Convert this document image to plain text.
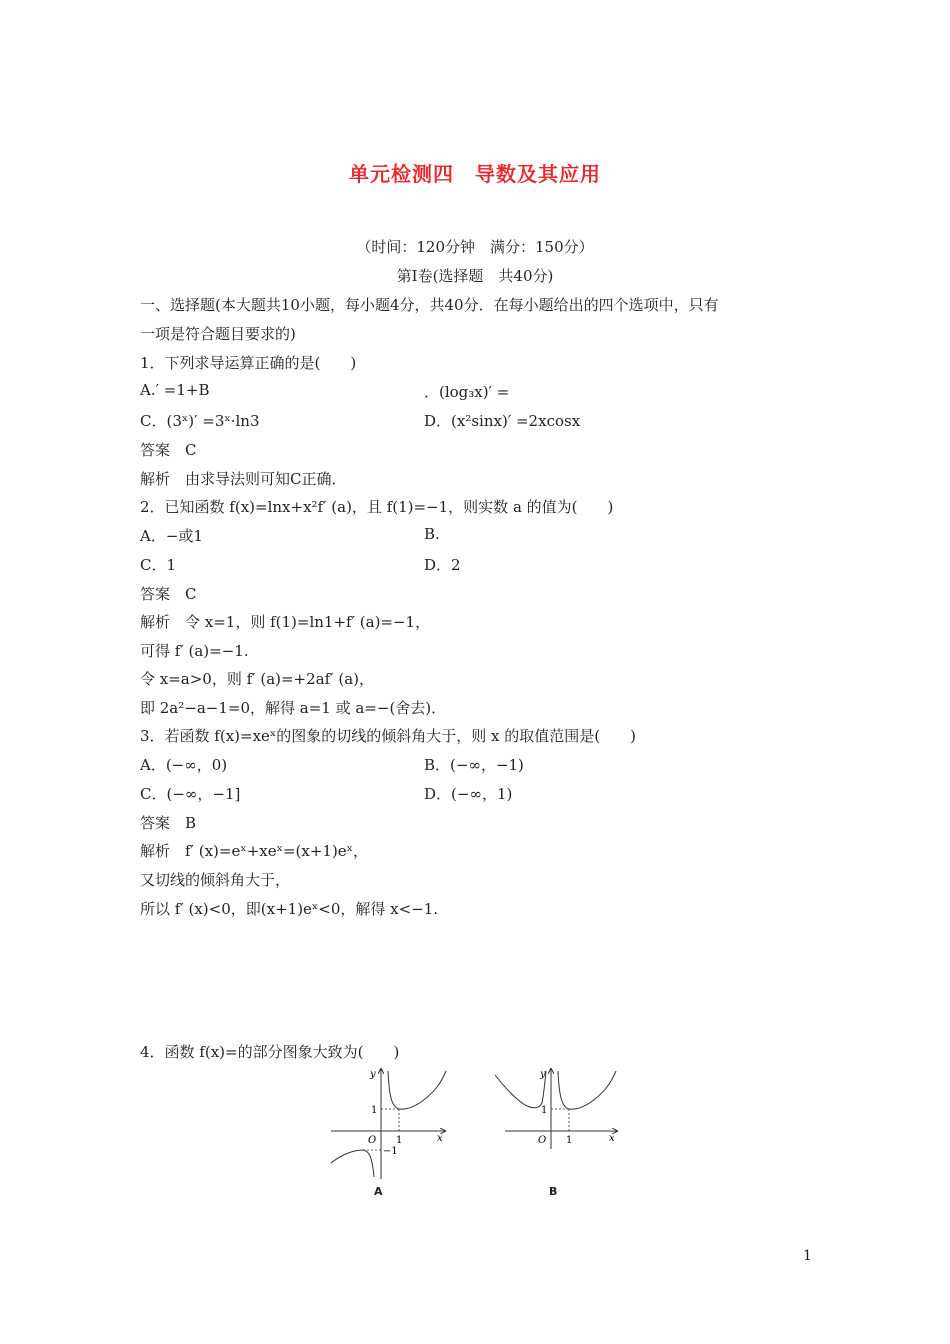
单元检测四　导数及其应用
（时间：120分钟　满分：150分）
第Ⅰ卷(选择题　共40分)
一、选择题(本大题共10小题，每小题4分，共40分．在每小题给出的四个选项中，只有
一项是符合题目要求的)
1．下列求导运算正确的是(　　)
A.′ =1+B	．(log₃x)′ =
C．(3ˣ)′ =3ˣ·ln3	D．(x²sinx)′ =2xcosx
答案　C
解析　由求导法则可知C正确．
2．已知函数 f(x)=lnx+x²f′ (a)，且 f(1)=−1，则实数 a 的值为(　　)
A．−或1	B.
C．1	D．2
答案　C
解析　令 x=1，则 f(1)=ln1+f′ (a)=−1，
可得 f′ (a)=−1.
令 x=a>0，则 f′ (a)=+2af′ (a)，
即 2a²−a−1=0，解得 a=1 或 a=−(舍去)．
3．若函数 f(x)=xeˣ的图象的切线的倾斜角大于，则 x 的取值范围是(　　)
A．(−∞，0)	B．(−∞，−1)
C．(−∞，−1]	D．(−∞，1)
答案　B
解析　f′ (x)=eˣ+xeˣ=(x+1)eˣ，
又切线的倾斜角大于，
所以 f′ (x)<0，即(x+1)eˣ<0，解得 x<−1.
4．函数 f(x)=的部分图象大致为(　　)
y
x
O 1
1
−1
A
y
x
O 1
1
B
1
